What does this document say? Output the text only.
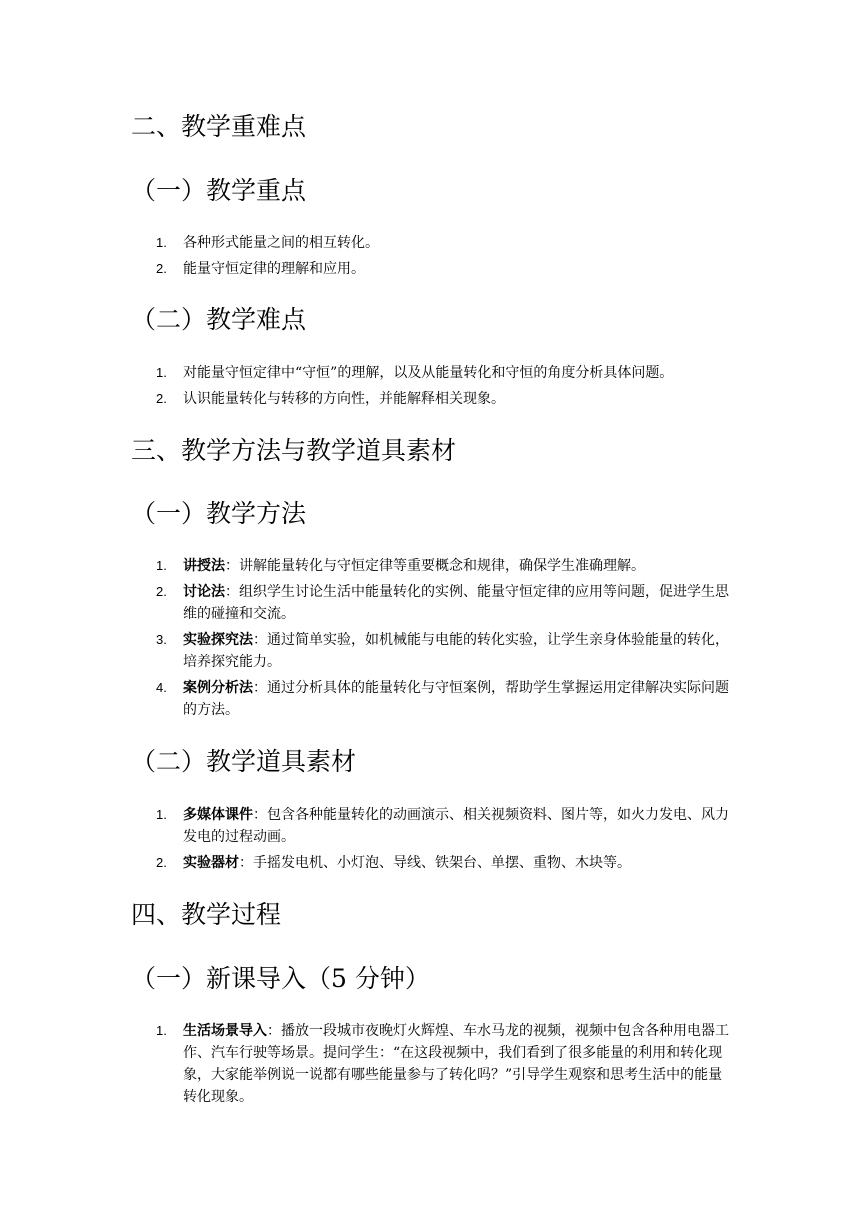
二、教学重难点
（一）教学重点
1. 各种形式能量之间的相互转化。
2. 能量守恒定律的理解和应用。
（二）教学难点
1. 对能量守恒定律中“守恒”的理解，以及从能量转化和守恒的角度分析具体问题。
2. 认识能量转化与转移的方向性，并能解释相关现象。
三、教学方法与教学道具素材
（一）教学方法
1. 讲授法：讲解能量转化与守恒定律等重要概念和规律，确保学生准确理解。
2. 讨论法：组织学生讨论生活中能量转化的实例、能量守恒定律的应用等问题，促进学生思维的碰撞和交流。
3. 实验探究法：通过简单实验，如机械能与电能的转化实验，让学生亲身体验能量的转化，培养探究能力。
4. 案例分析法：通过分析具体的能量转化与守恒案例，帮助学生掌握运用定律解决实际问题的方法。
（二）教学道具素材
1. 多媒体课件：包含各种能量转化的动画演示、相关视频资料、图片等，如火力发电、风力发电的过程动画。
2. 实验器材：手摇发电机、小灯泡、导线、铁架台、单摆、重物、木块等。
四、教学过程
（一）新课导入（5 分钟）
1. 生活场景导入：播放一段城市夜晚灯火辉煌、车水马龙的视频，视频中包含各种用电器工作、汽车行驶等场景。提问学生：“在这段视频中，我们看到了很多能量的利用和转化现象，大家能举例说一说都有哪些能量参与了转化吗？”引导学生观察和思考生活中的能量转化现象。
